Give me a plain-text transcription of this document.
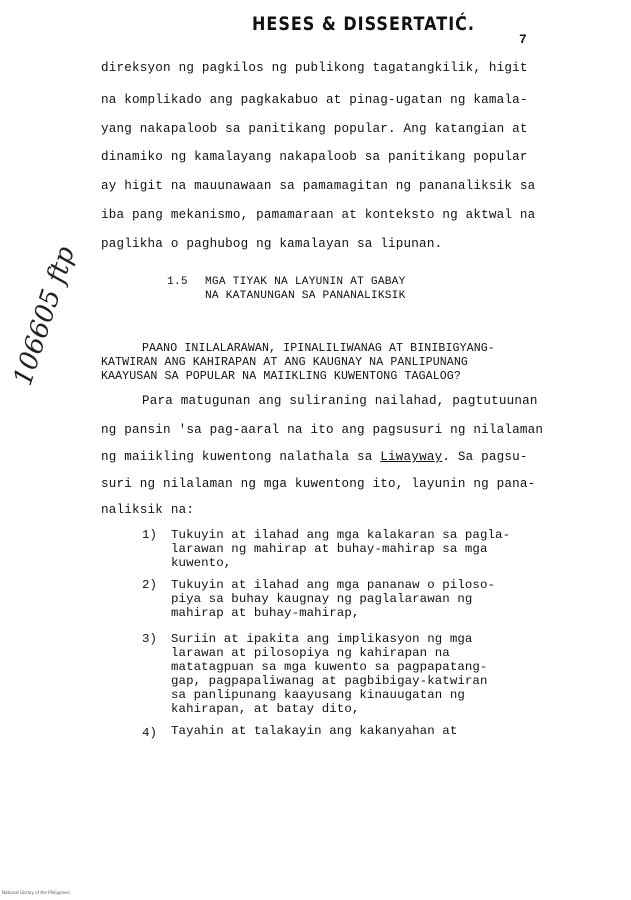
HESES & DISSERTATIĆ̈.
7
direksyon ng pagkilos ng publikong tagatangkilik, higit
na komplikado ang pagkakabuo at pinag-ugatan ng kamala-
yang nakapaloob sa panitikang popular. Ang katangian at
dinamiko ng kamalayang nakapaloob sa panitikang popular
ay higit na mauunawaan sa pamamagitan ng pananaliksik sa
iba pang mekanismo, pamamaraan at konteksto ng aktwal na
paglikha o paghubog ng kamalayan sa lipunan.
1.5 MGA TIYAK NA LAYUNIN AT GABAY
NA KATANUNGAN SA PANANALIKSIK
PAANO INILALARAWAN, IPINALILIWANAG AT BINIBIGYANG-
KATWIRAN ANG KAHIRAPAN AT ANG KAUGNAY NA PANLIPUNANG
KAAYUSAN SA POPULAR NA MAIIKLING KUWENTONG TAGALOG?
Para matugunan ang suliraning nailahad, pagtutuunan
ng pansin 'sa pag-aaral na ito ang pagsusuri ng nilalaman
ng maiikling kuwentong nalathala sa Liwayway. Sa pagsu-
suri ng nilalaman ng mga kuwentong ito, layunin ng pana-
naliksik na:
1) Tukuyin at ilahad ang mga kalakaran sa pagla-
larawan ng mahirap at buhay-mahirap sa mga
kuwento,
2) Tukuyin at ilahad ang mga pananaw o piloso-
piya sa buhay kaugnay ng paglalarawan ng
mahirap at buhay-mahirap,
3) Suriin at ipakita ang implikasyon ng mga
larawan at pilosopiya ng kahirapan na
matatagpuan sa mga kuwento sa pagpapatang-
gap, pagpapaliwanag at pagbibigay-katwiran
sa panlipunang kaayusang kinauugatan ng
kahirapan, at batay dito,
4) Tayahin at talakayin ang kakanyahan at
106605 ftp
National Library of the Philippines
